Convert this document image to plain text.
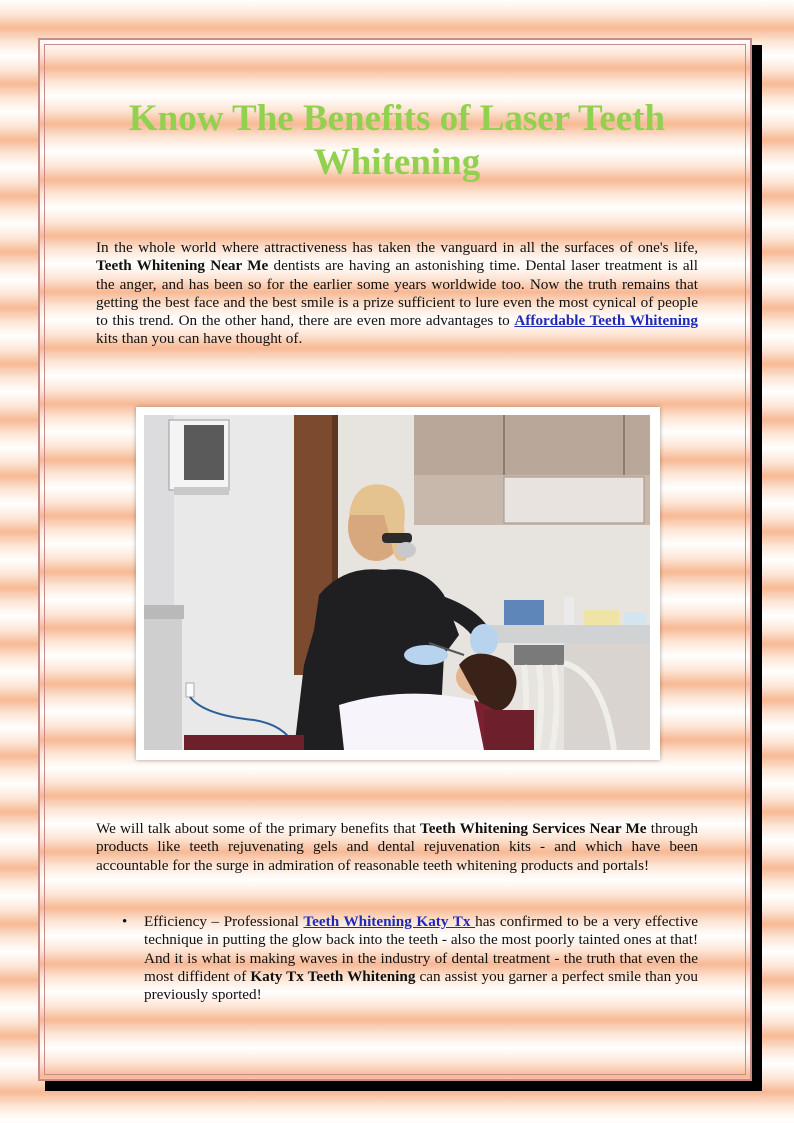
Know The Benefits of Laser Teeth Whitening

In the whole world where attractiveness has taken the vanguard in all the surfaces of one's life, Teeth Whitening Near Me dentists are having an astonishing time. Dental laser treatment is all the anger, and has been so for the earlier some years worldwide too. Now the truth remains that getting the best face and the best smile is a prize sufficient to lure even the most cynical of people to this trend. On the other hand, there are even more advantages to Affordable Teeth Whitening kits than you can have thought of.

We will talk about some of the primary benefits that Teeth Whitening Services Near Me through products like teeth rejuvenating gels and dental rejuvenation kits - and which have been accountable for the surge in admiration of reasonable teeth whitening products and portals!

• Efficiency – Professional Teeth Whitening Katy Tx has confirmed to be a very effective technique in putting the glow back into the teeth - also the most poorly tainted ones at that! And it is what is making waves in the industry of dental treatment - the truth that even the most diffident of Katy Tx Teeth Whitening can assist you garner a perfect smile than you previously sported!
